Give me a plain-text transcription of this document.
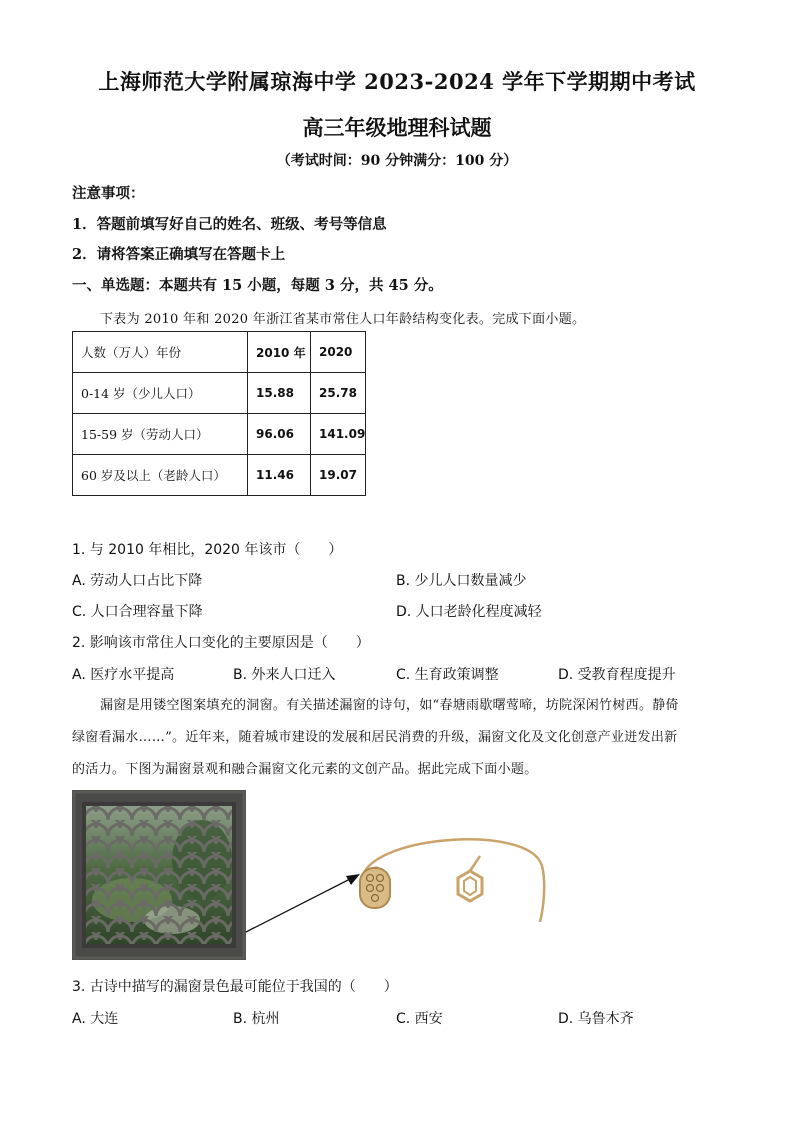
上海师范大学附属琼海中学 2023-2024 学年下学期期中考试
高三年级地理科试题
（考试时间：90 分钟满分：100 分）
注意事项：
1．答题前填写好自己的姓名、班级、考号等信息
2．请将答案正确填写在答题卡上
一、单选题：本题共有 15 小题，每题 3 分，共 45 分。
下表为 2010 年和 2020 年浙江省某市常住人口年龄结构变化表。完成下面小题。
人数（万人）年份	2010 年	2020
0-14 岁（少儿人口）	15.88	25.78
15-59 岁（劳动人口）	96.06	141.09
60 岁及以上（老龄人口）	11.46	19.07
1. 与 2010 年相比，2020 年该市（　　）
A. 劳动人口占比下降	B. 少儿人口数量减少
C. 人口合理容量下降	D. 人口老龄化程度减轻
2. 影响该市常住人口变化的主要原因是（　　）
A. 医疗水平提高	B. 外来人口迁入	C. 生育政策调整	D. 受教育程度提升
漏窗是用镂空图案填充的洞窗。有关描述漏窗的诗句，如“春塘雨歇曙莺啼，坊院深闲竹树西。静倚
绿窗看漏水……”。近年来，随着城市建设的发展和居民消费的升级，漏窗文化及文化创意产业迸发出新
的活力。下图为漏窗景观和融合漏窗文化元素的文创产品。据此完成下面小题。
3. 古诗中描写的漏窗景色最可能位于我国的（　　）
A. 大连	B. 杭州	C. 西安	D. 乌鲁木齐
